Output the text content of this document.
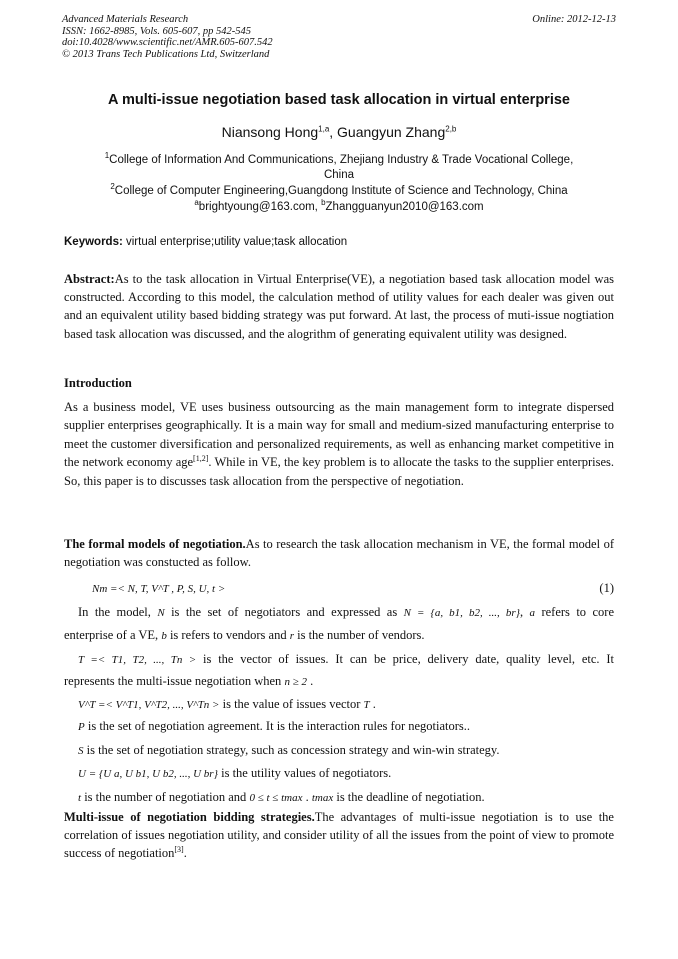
Advanced Materials Research
ISSN: 1662-8985, Vols. 605-607, pp 542-545
doi:10.4028/www.scientific.net/AMR.605-607.542
© 2013 Trans Tech Publications Ltd, Switzerland
Online: 2012-12-13
A multi-issue negotiation based task allocation in virtual enterprise
Niansong Hong$^{1,a}$, Guangyun Zhang$^{2,b}$
$^1$College of Information And Communications, Zhejiang Industry & Trade Vocational College,
China
$^2$College of Computer Engineering,Guangdong Institute of Science and Technology, China
$^a$brightyoung@163.com, $^b$Zhangguanyun2010@163.com
Keywords: virtual enterprise;utility value;task allocation
Abstract:As to the task allocation in Virtual Enterprise(VE), a negotiation based task allocation model was constructed. According to this model, the calculation method of utility values for each dealer was given out and an equivalent utility based bidding strategy was put forward. At last, the process of muti-issue nogtiation based task allocation was discussed, and the alogrithm of generating equivalent utility was designed.
Introduction
As a business model, VE uses business outsourcing as the main management form to integrate dispersed supplier enterprises geographically. It is a main way for small and medium-sized manufacturing enterprise to meet the customer diversification and personalized requirements, as well as enhancing market competitive in the network economy age[1,2]. While in VE, the key problem is to allocate the tasks to the supplier enterprises. So, this paper is to discusses task allocation from the perspective of negotiation.
The formal models of negotiation.As to research the task allocation mechanism in VE, the formal model of negotiation was constucted as follow.
Nm =< N, T, V^T , P, S, U, t >	(1)
In the model, N is the set of negotiators and expressed as N = {a, b1, b2, ..., br}, a refers to core
enterprise of a VE, b is refers to vendors and r is the number of vendors.
T =< T1, T2, ..., Tn > is the vector of issues. It can be price, delivery date, quality level, etc. It
represents the multi-issue negotiation when n ≥ 2 .
V^T =< V^T1, V^T2, ..., V^Tn > is the value of issues vector T .
P is the set of negotiation agreement. It is the interaction rules for negotiators..
S is the set of negotiation strategy, such as concession strategy and win-win strategy.
U = {U a, U b1, U b2, ..., U br} is the utility values of negotiators.
t is the number of negotiation and 0 ≤ t ≤ tmax . tmax is the deadline of negotiation.
Multi-issue of negotiation bidding strategies.The advantages of multi-issue negotiation is to use the correlation of issues negotiation utility, and consider utility of all the issues from the point of view to promote success of negotiation[3].
